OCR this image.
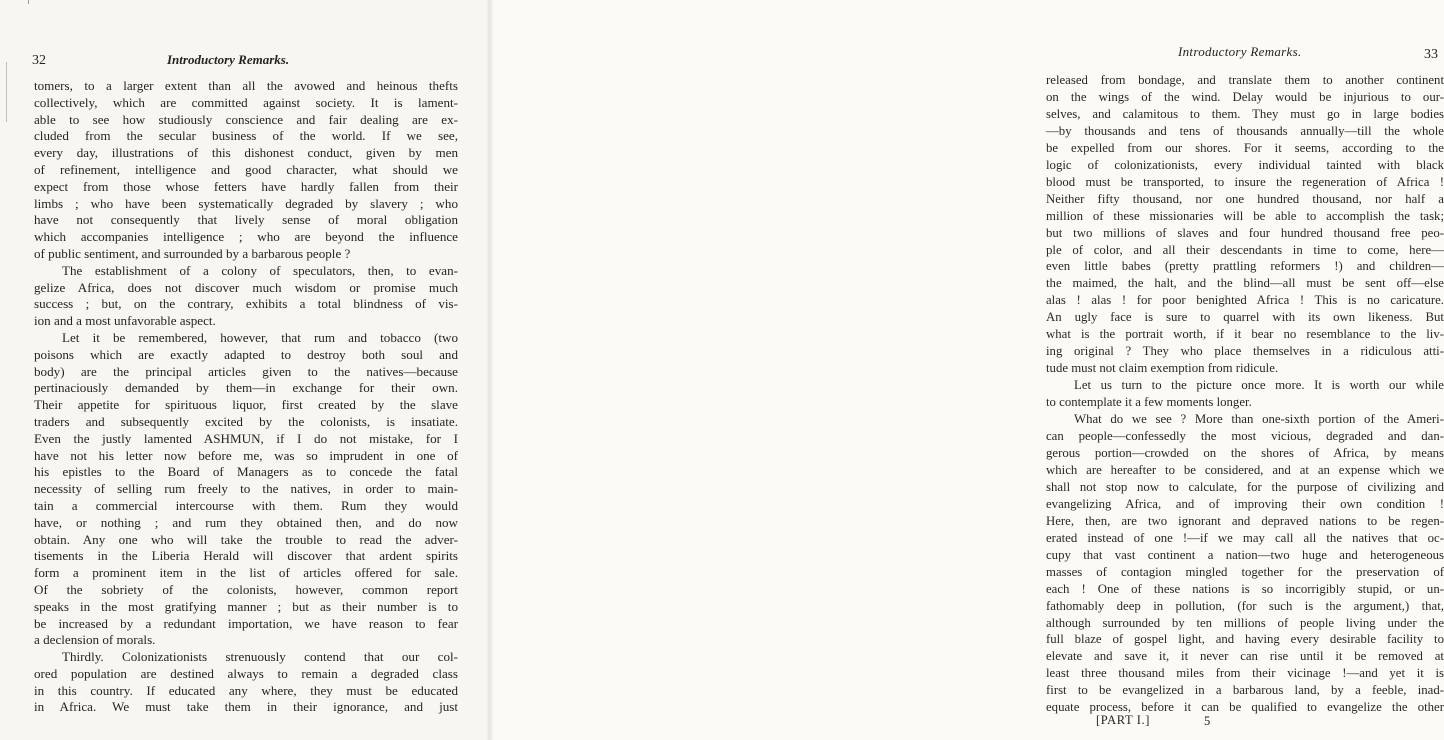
32	Introductory Remarks.
tomers, to a larger extent than all the avowed and heinous thefts
collectively, which are committed against society. It is lament-
able to see how studiously conscience and fair dealing are ex-
cluded from the secular business of the world. If we see,
every day, illustrations of this dishonest conduct, given by men
of refinement, intelligence and good character, what should we
expect from those whose fetters have hardly fallen from their
limbs ; who have been systematically degraded by slavery ; who
have not consequently that lively sense of moral obligation
which accompanies intelligence ; who are beyond the influence
of public sentiment, and surrounded by a barbarous people ?
The establishment of a colony of speculators, then, to evan-
gelize Africa, does not discover much wisdom or promise much
success ; but, on the contrary, exhibits a total blindness of vis-
ion and a most unfavorable aspect.
Let it be remembered, however, that rum and tobacco (two
poisons which are exactly adapted to destroy both soul and
body) are the principal articles given to the natives—because
pertinaciously demanded by them—in exchange for their own.
Their appetite for spirituous liquor, first created by the slave
traders and subsequently excited by the colonists, is insatiate.
Even the justly lamented ASHMUN, if I do not mistake, for I
have not his letter now before me, was so imprudent in one of
his epistles to the Board of Managers as to concede the fatal
necessity of selling rum freely to the natives, in order to main-
tain a commercial intercourse with them. Rum they would
have, or nothing ; and rum they obtained then, and do now
obtain. Any one who will take the trouble to read the adver-
tisements in the Liberia Herald will discover that ardent spirits
form a prominent item in the list of articles offered for sale.
Of the sobriety of the colonists, however, common report
speaks in the most gratifying manner ; but as their number is to
be increased by a redundant importation, we have reason to fear
a declension of morals.
Thirdly. Colonizationists strenuously contend that our col-
ored population are destined always to remain a degraded class
in this country. If educated any where, they must be educated
in Africa. We must take them in their ignorance, and just
Introductory Remarks.	33
released from bondage, and translate them to another continent
on the wings of the wind. Delay would be injurious to our-
selves, and calamitous to them. They must go in large bodies
—by thousands and tens of thousands annually—till the whole
be expelled from our shores. For it seems, according to the
logic of colonizationists, every individual tainted with black
blood must be transported, to insure the regeneration of Africa !
Neither fifty thousand, nor one hundred thousand, nor half a
million of these missionaries will be able to accomplish the task;
but two millions of slaves and four hundred thousand free peo-
ple of color, and all their descendants in time to come, here—
even little babes (pretty prattling reformers !) and children—
the maimed, the halt, and the blind—all must be sent off—else
alas ! alas ! for poor benighted Africa ! This is no caricature.
An ugly face is sure to quarrel with its own likeness. But
what is the portrait worth, if it bear no resemblance to the liv-
ing original ? They who place themselves in a ridiculous atti-
tude must not claim exemption from ridicule.
Let us turn to the picture once more. It is worth our while
to contemplate it a few moments longer.
What do we see ? More than one-sixth portion of the Ameri-
can people—confessedly the most vicious, degraded and dan-
gerous portion—crowded on the shores of Africa, by means
which are hereafter to be considered, and at an expense which we
shall not stop now to calculate, for the purpose of civilizing and
evangelizing Africa, and of improving their own condition !
Here, then, are two ignorant and depraved nations to be regen-
erated instead of one !—if we may call all the natives that oc-
cupy that vast continent a nation—two huge and heterogeneous
masses of contagion mingled together for the preservation of
each ! One of these nations is so incorrigibly stupid, or un-
fathomably deep in pollution, (for such is the argument,) that,
although surrounded by ten millions of people living under the
full blaze of gospel light, and having every desirable facility to
elevate and save it, it never can rise until it be removed at
least three thousand miles from their vicinage !—and yet it is
first to be evangelized in a barbarous land, by a feeble, inad-
equate process, before it can be qualified to evangelize the other
[PART I.]	5
